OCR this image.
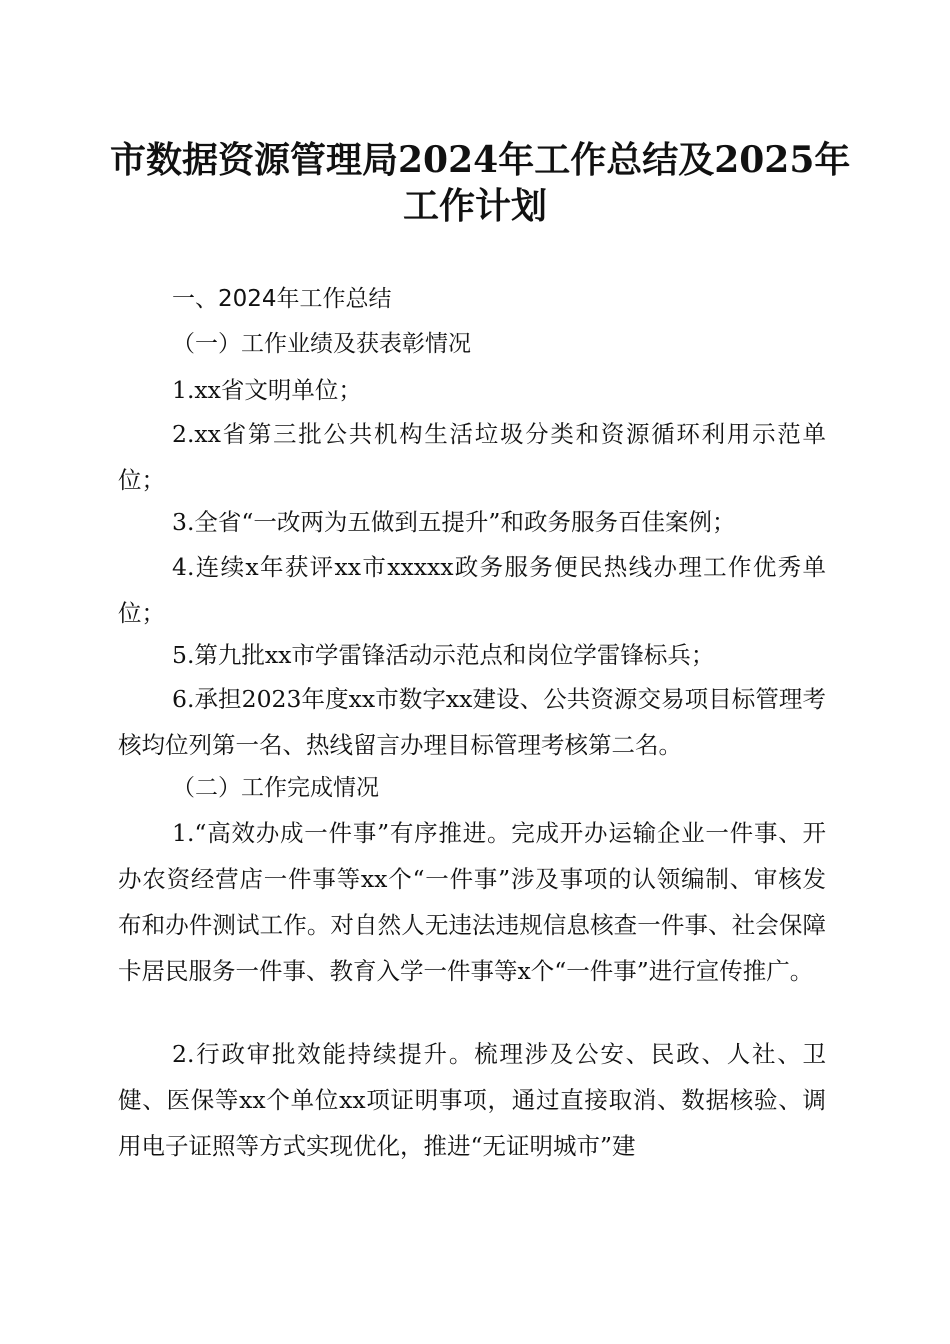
市数据资源管理局2024年工作总结及2025年
工作计划
一、2024年工作总结
（一）工作业绩及获表彰情况
1.xx省文明单位；
2.xx省第三批公共机构生活垃圾分类和资源循环利用示范单位；
3.全省“一改两为五做到五提升”和政务服务百佳案例；
4.连续x年获评xx市xxxxx政务服务便民热线办理工作优秀单位；
5.第九批xx市学雷锋活动示范点和岗位学雷锋标兵；
6.承担2023年度xx市数字xx建设、公共资源交易项目标管理考核均位列第一名、热线留言办理目标管理考核第二名。
（二）工作完成情况
1.“高效办成一件事”有序推进。完成开办运输企业一件事、开办农资经营店一件事等xx个“一件事”涉及事项的认领编制、审核发布和办件测试工作。对自然人无违法违规信息核查一件事、社会保障卡居民服务一件事、教育入学一件事等x个“一件事”进行宣传推广。
2.行政审批效能持续提升。梳理涉及公安、民政、人社、卫健、医保等xx个单位xx项证明事项，通过直接取消、数据核验、调用电子证照等方式实现优化，推进“无证明城市”建
